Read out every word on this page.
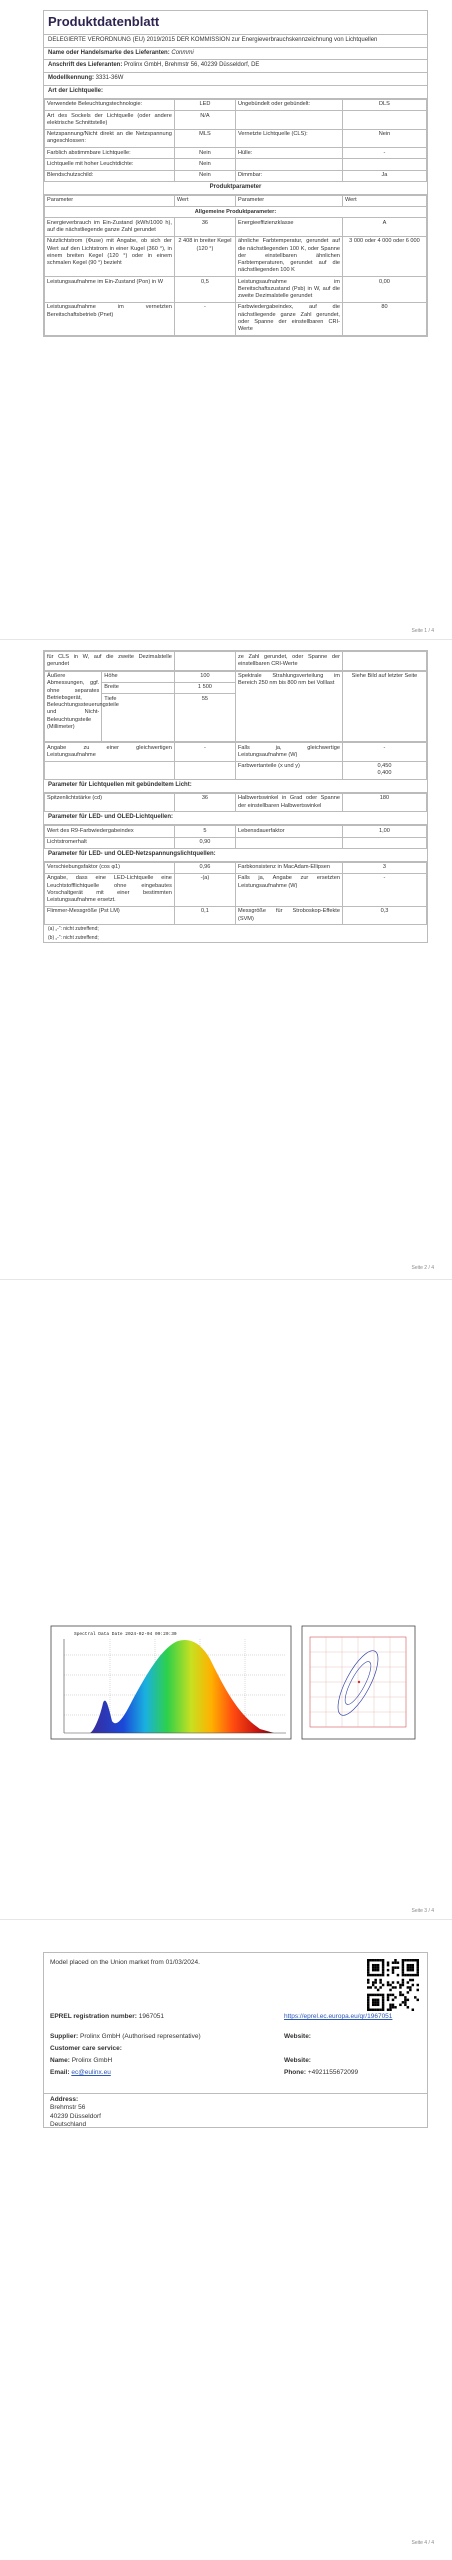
Produktdatenblatt
DELEGIERTE VERORDNUNG (EU) 2019/2015 DER KOMMISSION zur Energieverbrauchskennzeichnung von Lichtquellen
Name oder Handelsmarke des Lieferanten: Conmmi
Anschrift des Lieferanten: Prolinx GmbH, Brehmstr 56, 40239 Düsseldorf, DE
Modellkennung: 3331-36W
Art der Lichtquelle:
Verwendete Beleuchtungstechnologie:	LED	Ungebündelt oder gebündelt:	DLS
Art des Sockels der Lichtquelle (oder andere elektrische Schnittstelle)	N/A		
Netzspannung/Nicht direkt an die Netzspannung angeschlossen:	MLS	Vernetzte Lichtquelle (CLS):	Nein
Farblich abstimmbare Lichtquelle:	Nein	Hülle:	-
Lichtquelle mit hoher Leuchtdichte:	Nein		
Blendschutzschild:	Nein	Dimmbar:	Ja
Produktparameter
Parameter	Wert	Parameter	Wert
Allgemeine Produktparameter:			
Energieverbrauch im Ein-Zustand (kWh/1000 h), auf die nächstliegende ganze Zahl gerundet	36	Energieeffizienzklasse	A
Nutzlichtstrom (Φuse) mit Angabe, ob sich der Wert auf den Lichtstrom in einer Kugel (360 °), in einem breiten Kegel (120 °) oder in einem schmalen Kegel (90 °) bezieht	2 408 in breiter Kegel (120 °)	ähnliche Farbtemperatur, gerundet auf die nächstliegenden 100 K, oder Spanne der einstellbaren ähnlichen Farbtemperaturen, gerundet auf die nächstliegenden 100 K	3 000 oder 4 000 oder 6 000
Leistungsaufnahme im Ein-Zustand (Pon) in W	0,5	Leistungsaufnahme im Bereitschaftszustand (Psb) in W, auf die zweite Dezimalstelle gerundet	0,00
Leistungsaufnahme im vernetzten Bereitschaftsbetrieb (Pnet)	-	Farbwiedergabeindex, auf die nächstliegende ganze Zahl gerundet, oder Spanne der einstellbaren CRI-Werte	80
Seite 1 / 4
für CLS in W, auf die zweite Dezimalstelle gerundet		ze Zahl gerundet, oder Spanne der einstellbaren CRI-Werte	
Äußere Abmessungen, ggf. ohne separates Betriebsgerät, Beleuchtungssteuerungsteile und Nicht-Beleuchtungsteile (Millimeter)	Höhe	100	Spektrale Strahlungsverteilung im Bereich 250 nm bis 800 nm bei Volllast	Siehe Bild auf letzter Seite
	Breite	1 500		
	Tiefe	55		
Angabe zu einer gleichwertigen Leistungsaufnahme	-	Falls ja, gleichwertige Leistungsaufnahme (W)	-
		Farbwertanteile (x und y)	0,450
0,400
Parameter für Lichtquellen mit gebündeltem Licht:
Spitzenlichtstärke (cd)	36	Halbwertswinkel in Grad oder Spanne der einstellbaren Halbwertswinkel	180
Parameter für LED- und OLED-Lichtquellen:
Wert des R9-Farbwiedergabeindex	5	Lebensdauerfaktor	1,00
Lichtstromerhalt	0,90		
Parameter für LED- und OLED-Netzspannungslichtquellen:
Verschiebungsfaktor (cos φ1)	0,96	Farbkonsistenz in MacAdam-Ellipsen	3
Angabe, dass eine LED-Lichtquelle eine Leuchtstofflichtquelle ohne eingebautes Vorschaltgerät mit einer bestimmten Leistungsaufnahme ersetzt.	-(a)	Falls ja, Angabe zur ersetzten Leistungsaufnahme (W)	-
Flimmer-Messgröße (Pst LM)	0,1	Messgröße für Stroboskop-Effekte (SVM)	0,3
(a) „-“: nicht zutreffend;
(b) „-“: nicht zutreffend;
Seite 2 / 4
Spectral Data Date 2024-02-04 09:20:30
Seite 3 / 4
Model placed on the Union market from 01/03/2024.
EPREL registration number: 1967051	https://eprel.ec.europa.eu/qr/1967051
Supplier: Prolinx GmbH (Authorised representative)	Website:
Customer care service:
Name: Prolinx GmbH	Website:
Email: ec@eulinx.eu	Phone: +4921155672099
Address:
Brehmstr 56
40239 Düsseldorf
Deutschland
Seite 4 / 4
